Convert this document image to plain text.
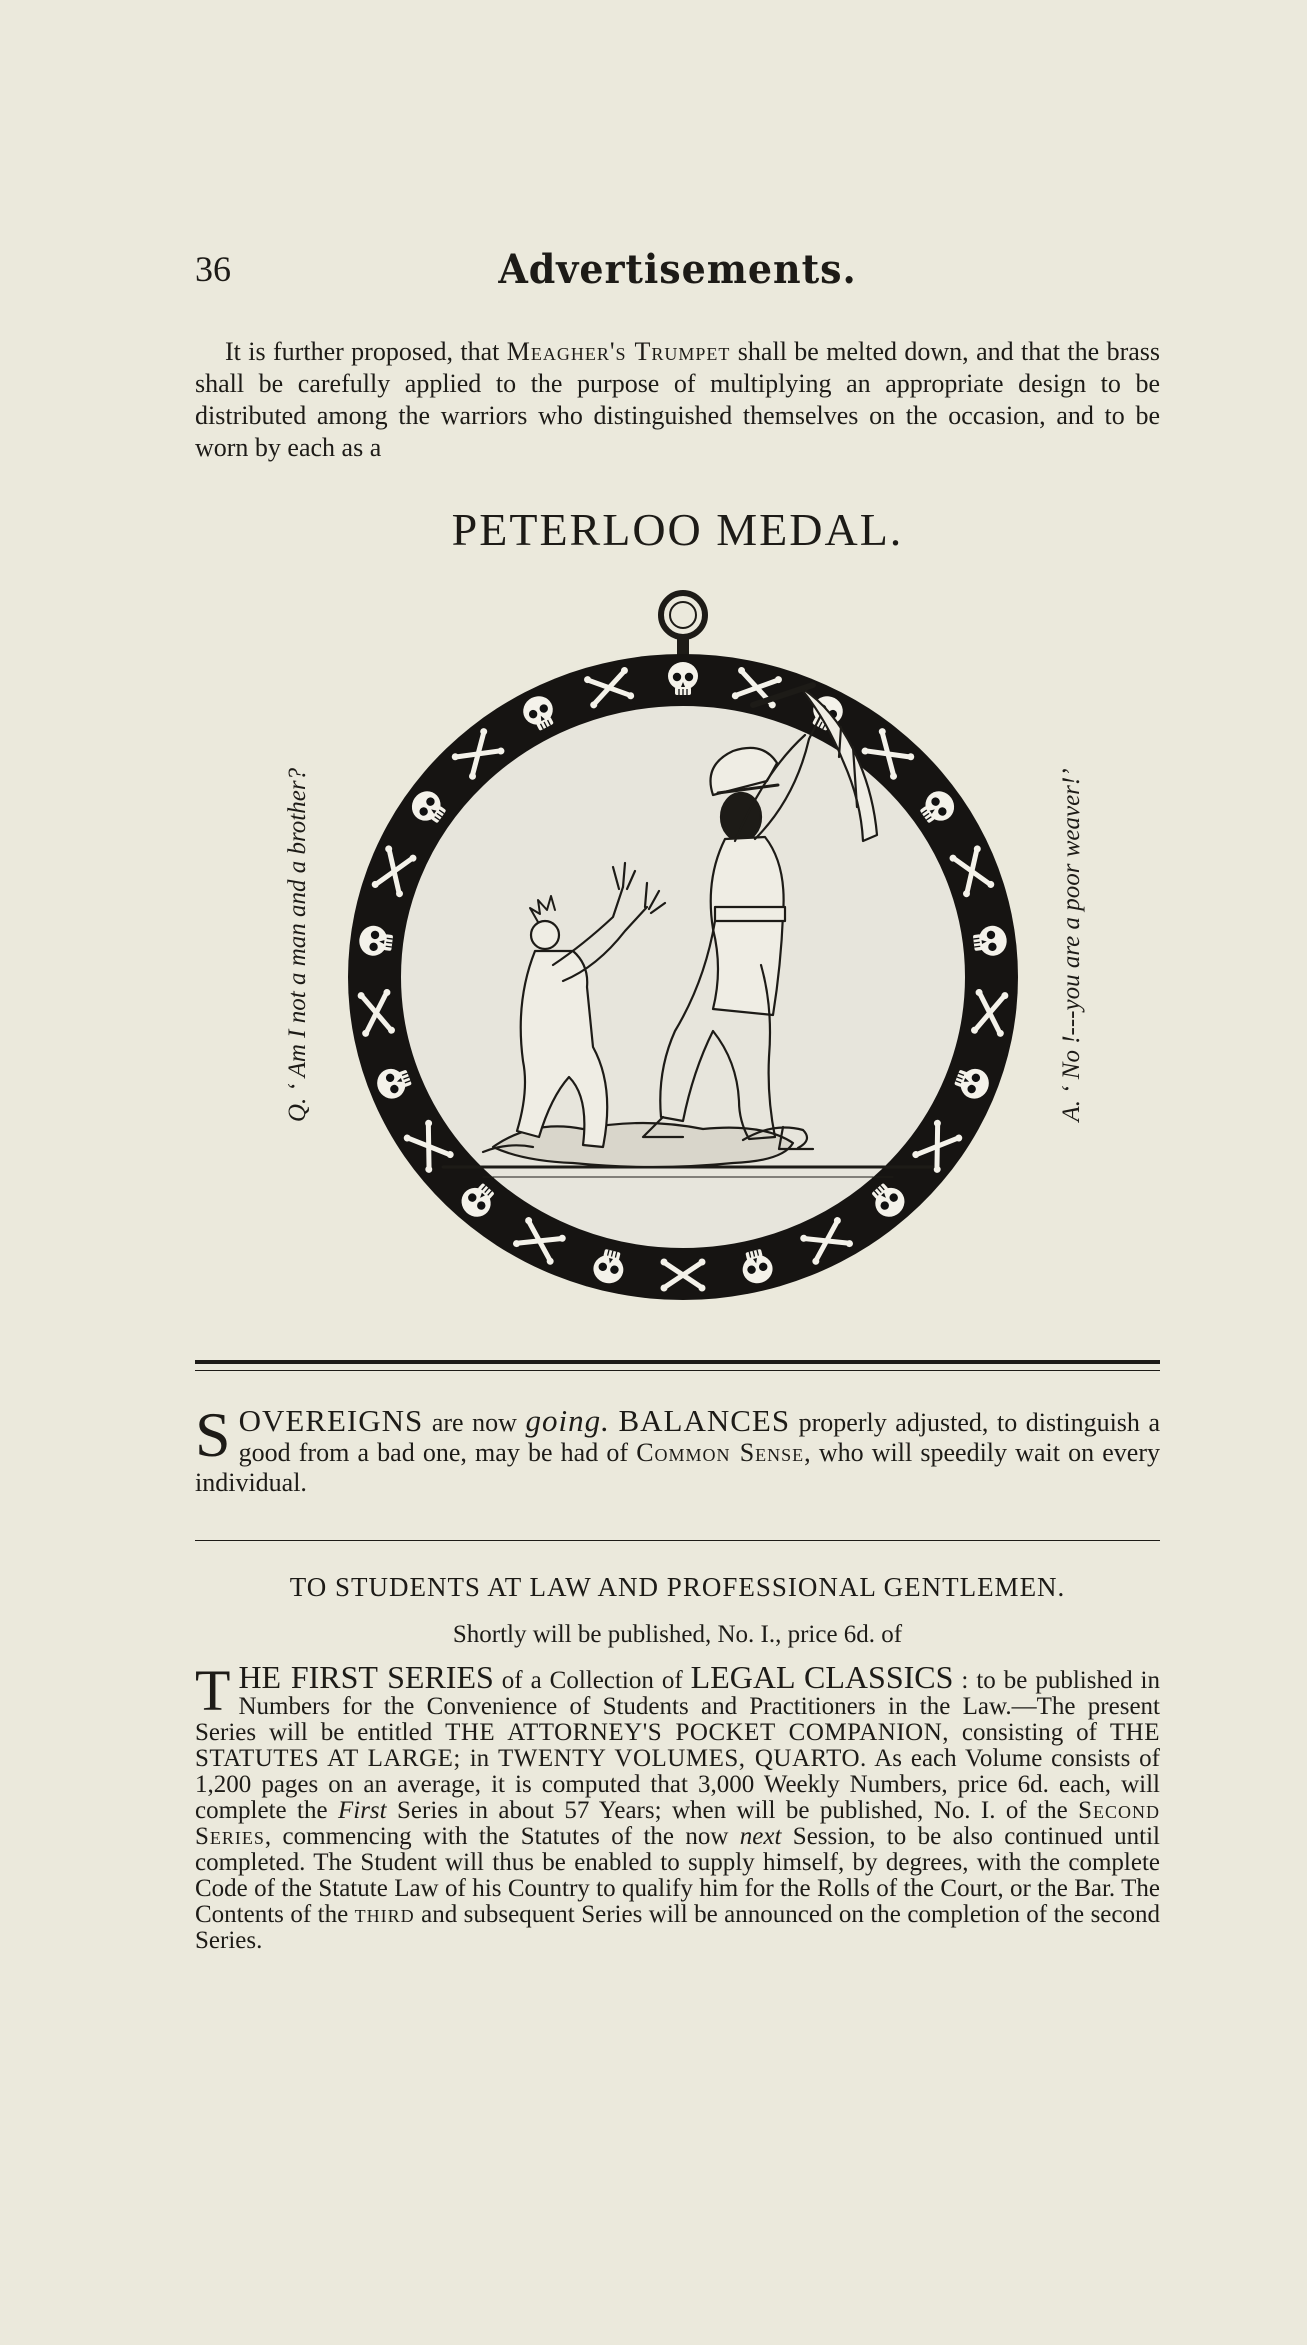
36	Advertisements.

It is further proposed, that Meagher's Trumpet shall be melted down, and that the brass shall be carefully applied to the purpose of multiplying an appropriate design to be distributed among the warriors who distinguished themselves on the occasion, and to be worn by each as a

PETERLOO MEDAL.
Q. ‘ Am I not a man and a brother?	A. ‘ No !---you are a poor weaver!’

SOVEREIGNS are now going. BALANCES properly adjusted, to distinguish a good from a bad one, may be had of Common Sense, who will speedily wait on every individual.

TO STUDENTS AT LAW AND PROFESSIONAL GENTLEMEN.
Shortly will be published, No. I., price 6d. of

THE FIRST SERIES of a Collection of LEGAL CLASSICS : to be published in Numbers for the Convenience of Students and Practitioners in the Law.—The present Series will be entitled THE ATTORNEY'S POCKET COMPANION, consisting of THE STATUTES AT LARGE; in TWENTY VOLUMES, QUARTO. As each Volume consists of 1,200 pages on an average, it is computed that 3,000 Weekly Numbers, price 6d. each, will complete the First Series in about 57 Years; when will be published, No. I. of the Second Series, commencing with the Statutes of the now next Session, to be also continued until completed. The Student will thus be enabled to supply himself, by degrees, with the complete Code of the Statute Law of his Country to qualify him for the Rolls of the Court, or the Bar. The Contents of the third and subsequent Series will be announced on the completion of the second Series.
